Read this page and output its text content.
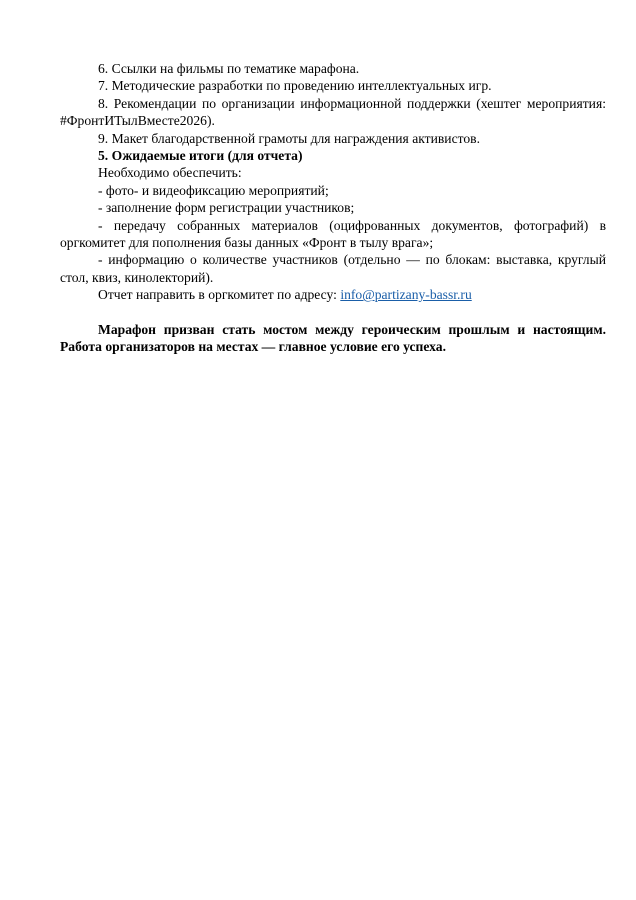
6. Ссылки на фильмы по тематике марафона.

7. Методические разработки по проведению интеллектуальных игр.

8. Рекомендации по организации информационной поддержки (хештег мероприятия: #ФронтИТылВместе2026).

9. Макет благодарственной грамоты для награждения активистов.

5. Ожидаемые итоги (для отчета)

Необходимо обеспечить:

- фото- и видеофиксацию мероприятий;

- заполнение форм регистрации участников;

- передачу собранных материалов (оцифрованных документов, фотографий) в оргкомитет для пополнения базы данных «Фронт в тылу врага»;

- информацию о количестве участников (отдельно — по блокам: выставка, круглый стол, квиз, кинолекторий).

Отчет направить в оргкомитет по адресу: info@partizany-bassr.ru

Марафон призван стать мостом между героическим прошлым и настоящим. Работа организаторов на местах — главное условие его успеха.
